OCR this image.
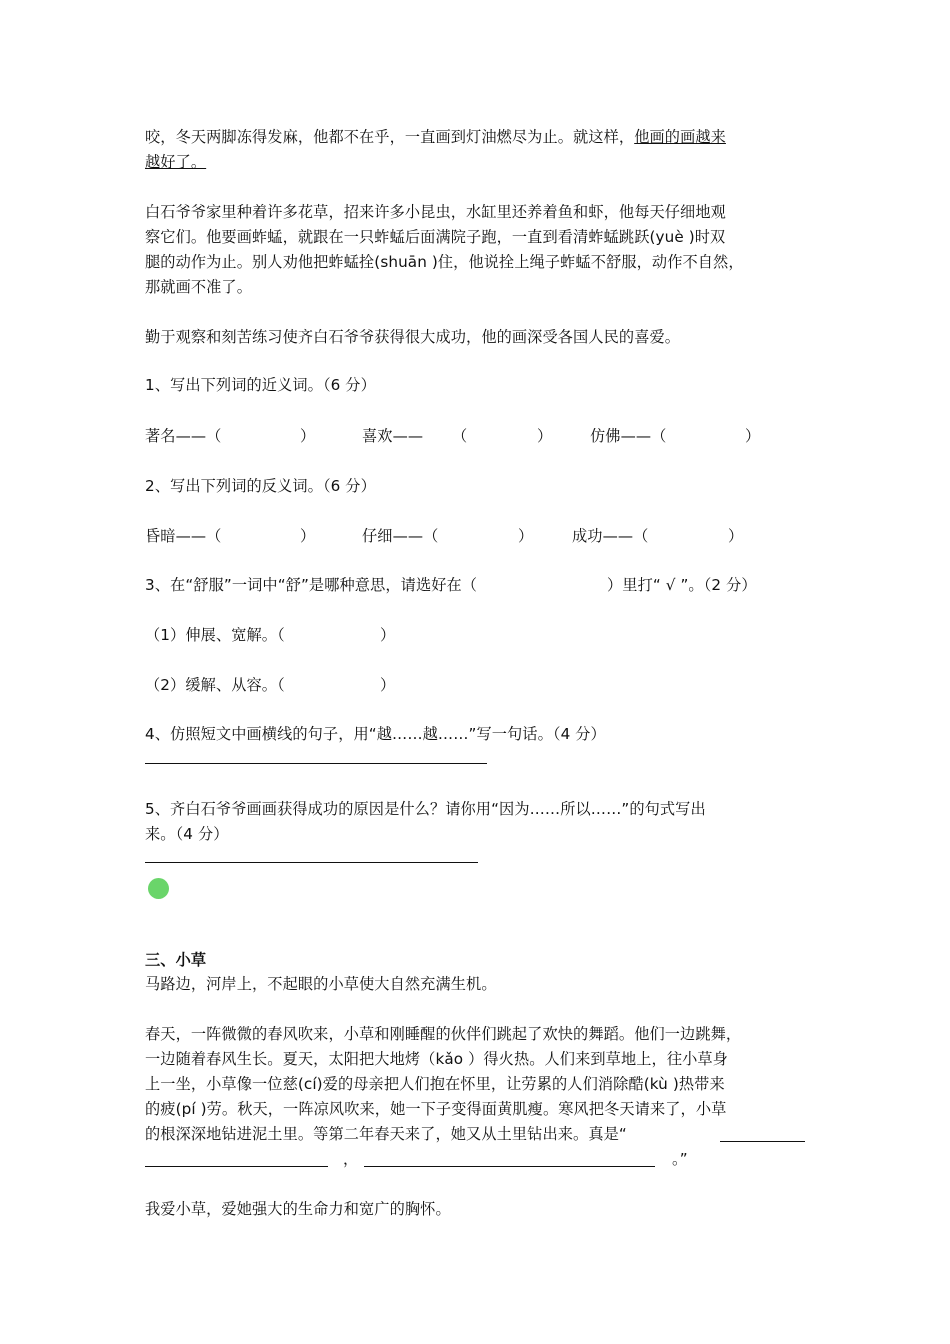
咬，冬天两脚冻得发麻，他都不在乎，一直画到灯油燃尽为止。就这样，他画的画越来
越好了。
白石爷爷家里种着许多花草，招来许多小昆虫，水缸里还养着鱼和虾，他每天仔细地观
察它们。他要画蚱蜢，就跟在一只蚱蜢后面满院子跑，一直到看清蚱蜢跳跃(yuè )时双
腿的动作为止。别人劝他把蚱蜢拴(shuān )住，他说拴上绳子蚱蜢不舒服，动作不自然，
那就画不准了。
勤于观察和刻苦练习使齐白石爷爷获得很大成功，他的画深受各国人民的喜爱。
1、写出下列词的近义词。（6 分）
著名——（	）	喜欢—— （	） 仿佛——（	）
2、写出下列词的反义词。（6 分）
昏暗——（	）	仔细——（	）	成功——（	）
3、在“舒服”一词中“舒”是哪种意思，请选好在（	）里打“ √ ”。（2 分）
（1）伸展、宽解。（	）
（2）缓解、从容。（	）
4、仿照短文中画横线的句子，用“越……越……”写一句话。（4 分）
5、齐白石爷爷画画获得成功的原因是什么？请你用“因为……所以……”的句式写出
来。（4 分）
三、小草
马路边，河岸上，不起眼的小草使大自然充满生机。
春天，一阵微微的春风吹来，小草和刚睡醒的伙伴们跳起了欢快的舞蹈。他们一边跳舞，
一边随着春风生长。夏天，太阳把大地烤（kǎo ）得火热。人们来到草地上，往小草身
上一坐，小草像一位慈(cí)爱的母亲把人们抱在怀里，让劳累的人们消除酷(kù )热带来
的疲(pí )劳。秋天，一阵凉风吹来，她一下子变得面黄肌瘦。寒风把冬天请来了，小草
的根深深地钻进泥土里。等第二年春天来了，她又从土里钻出来。真是“
，	。”
我爱小草，爱她强大的生命力和宽广的胸怀。
